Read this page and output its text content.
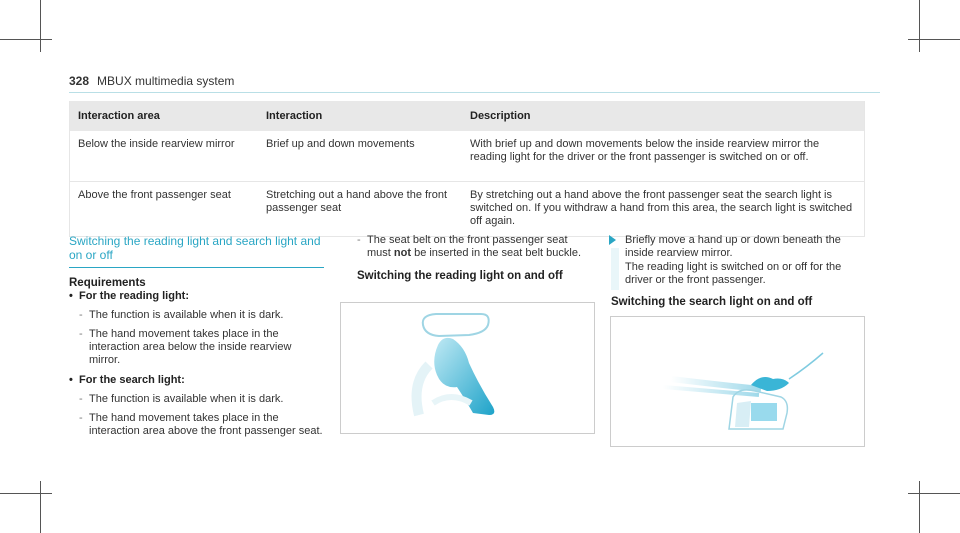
328 MBUX multimedia system
Interaction area	Interaction	Description
Below the inside rearview mirror	Brief up and down movements	With brief up and down movements below the inside rearview mirror the reading light for the driver or the front passenger is switched on or off.
Above the front passenger seat	Stretching out a hand above the front passenger seat	By stretching out a hand above the front passenger seat the search light is switched on. If you withdraw a hand from this area, the search light is switched off again.
Switching the reading light and search light and on or off
Requirements
• For the reading light:
- The function is available when it is dark.
- The hand movement takes place in the interaction area below the inside rearview mirror.
• For the search light:
- The function is available when it is dark.
- The hand movement takes place in the interaction area above the front passenger seat.
- The seat belt on the front passenger seat must not be inserted in the seat belt buckle.
Switching the reading light on and off
Briefly move a hand up or down beneath the inside rearview mirror.
The reading light is switched on or off for the driver or the front passenger.
Switching the search light on and off
